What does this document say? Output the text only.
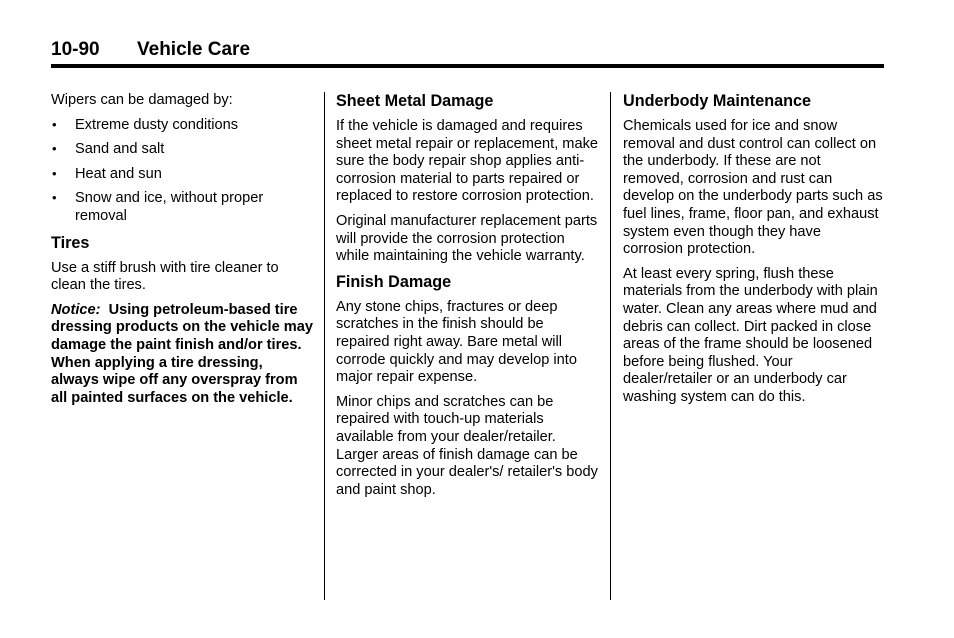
10-90 Vehicle Care

Wipers can be damaged by:

• Extreme dusty conditions
• Sand and salt
• Heat and sun
• Snow and ice, without proper removal
Tires

Use a stiff brush with tire cleaner to clean the tires.

Notice: Using petroleum-based tire dressing products on the vehicle may damage the paint finish and/or tires. When applying a tire dressing, always wipe off any overspray from all painted surfaces on the vehicle.

Sheet Metal Damage

If the vehicle is damaged and requires sheet metal repair or replacement, make sure the body repair shop applies anti-corrosion material to parts repaired or replaced to restore corrosion protection.

Original manufacturer replacement parts will provide the corrosion protection while maintaining the vehicle warranty.

Finish Damage

Any stone chips, fractures or deep scratches in the finish should be repaired right away. Bare metal will corrode quickly and may develop into major repair expense.

Minor chips and scratches can be repaired with touch-up materials available from your dealer/retailer. Larger areas of finish damage can be corrected in your dealer's/ retailer's body and paint shop.

Underbody Maintenance

Chemicals used for ice and snow removal and dust control can collect on the underbody. If these are not removed, corrosion and rust can develop on the underbody parts such as fuel lines, frame, floor pan, and exhaust system even though they have corrosion protection.

At least every spring, flush these materials from the underbody with plain water. Clean any areas where mud and debris can collect. Dirt packed in close areas of the frame should be loosened before being flushed. Your dealer/retailer or an underbody car washing system can do this.
